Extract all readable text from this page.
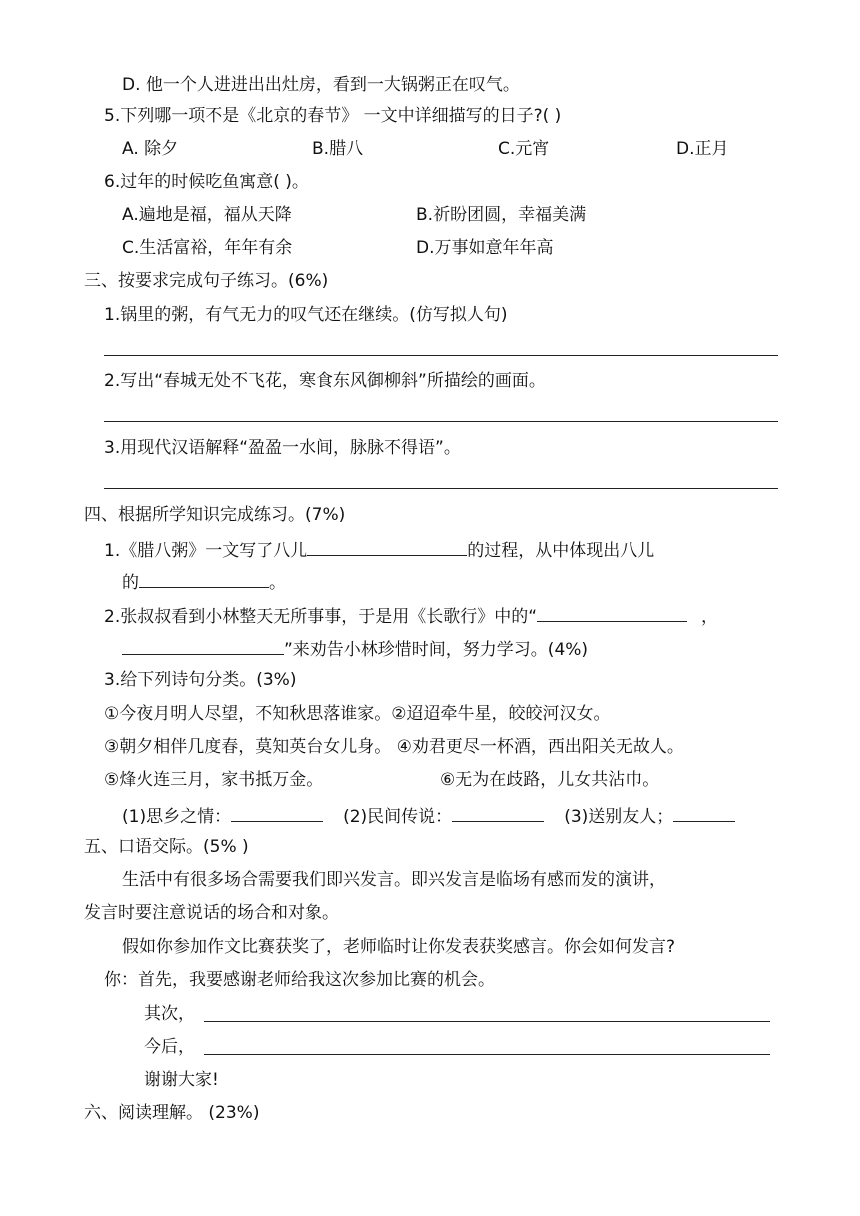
D. 他一个人进进出出灶房，看到一大锅粥正在叹气。
5.下列哪一项不是《北京的春节》 一文中详细描写的日子?( )
A. 除夕	B.腊八	C.元宵	D.正月
6.过年的时候吃鱼寓意( )。
A.遍地是福，福从天降	B.祈盼团圆，幸福美满
C.生活富裕，年年有余	D.万事如意年年高
三、按要求完成句子练习。(6%)
1.锅里的粥，有气无力的叹气还在继续。(仿写拟人句)
2.写出“春城无处不飞花，寒食东风御柳斜”所描绘的画面。
3.用现代汉语解释“盈盈一水间，脉脉不得语”。
四、根据所学知识完成练习。(7%)
1.《腊八粥》一文写了八儿	的过程，从中体现出八儿
的	。
2.张叔叔看到小林整天无所事事，于是用《长歌行》中的“	，
”来劝告小林珍惜时间，努力学习。(4%)
3.给下列诗句分类。(3%)
①今夜月明人尽望，不知秋思落谁家。②迢迢牵牛星，皎皎河汉女。
③朝夕相伴几度春，莫知英台女儿身。 ④劝君更尽一杯酒，西出阳关无故人。
⑤烽火连三月，家书抵万金。	⑥无为在歧路，儿女共沾巾。
(1)思乡之情：	(2)民间传说：	(3)送别友人；
五、口语交际。(5% )
生活中有很多场合需要我们即兴发言。即兴发言是临场有感而发的演讲，
发言时要注意说话的场合和对象。
假如你参加作文比赛获奖了，老师临时让你发表获奖感言。你会如何发言?
你：首先，我要感谢老师给我这次参加比赛的机会。
其次，
今后，
谢谢大家!
六、阅读理解。 (23%)
